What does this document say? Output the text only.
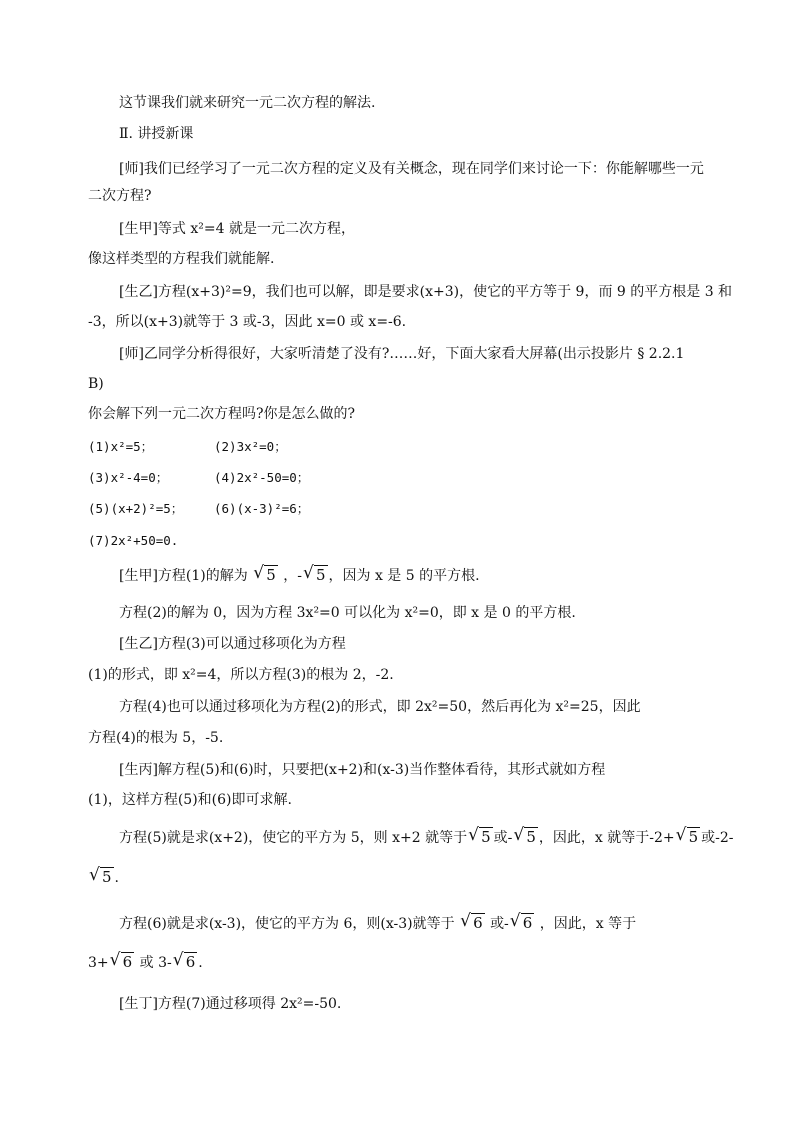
这节课我们就来研究一元二次方程的解法.
Ⅱ. 讲授新课
[师]我们已经学习了一元二次方程的定义及有关概念，现在同学们来讨论一下：你能解哪些一元
二次方程?
[生甲]等式 x²=4 就是一元二次方程，
像这样类型的方程我们就能解.
[生乙]方程(x+3)²=9，我们也可以解，即是要求(x+3)，使它的平方等于 9，而 9 的平方根是 3 和
-3，所以(x+3)就等于 3 或-3，因此 x=0 或 x=-6.
[师]乙同学分析得很好，大家听清楚了没有?……好，下面大家看大屏幕(出示投影片 § 2.2.1
B)
你会解下列一元二次方程吗?你是怎么做的?
(1)x²=5；	(2)3x²=0；
(3)x²-4=0；	(4)2x²-50=0；
(5)(x+2)²=5； (6)(x-3)²=6；
(7)2x²+50=0.
[生甲]方程(1)的解为 √ 5 ，- √ 5 ，因为 x 是 5 的平方根.
方程(2)的解为 0，因为方程 3x²=0 可以化为 x²=0，即 x 是 0 的平方根.
[生乙]方程(3)可以通过移项化为方程
(1)的形式，即 x²=4，所以方程(3)的根为 2，-2.
方程(4)也可以通过移项化为方程(2)的形式，即 2x²=50，然后再化为 x²=25，因此
方程(4)的根为 5，-5.
[生丙]解方程(5)和(6)时，只要把(x+2)和(x-3)当作整体看待，其形式就如方程
(1)，这样方程(5)和(6)即可求解.
方程(5)就是求(x+2)，使它的平方为 5，则 x+2 就等于 √ 5 或- √ 5 ，因此，x 就等于-2+ √ 5 或-2-
√ 5 .
方程(6)就是求(x-3)，使它的平方为 6，则(x-3)就等于 √ 6 或- √ 6 ，因此，x 等于
3+ √ 6 或 3- √ 6 .
[生丁]方程(7)通过移项得 2x²=-50.
